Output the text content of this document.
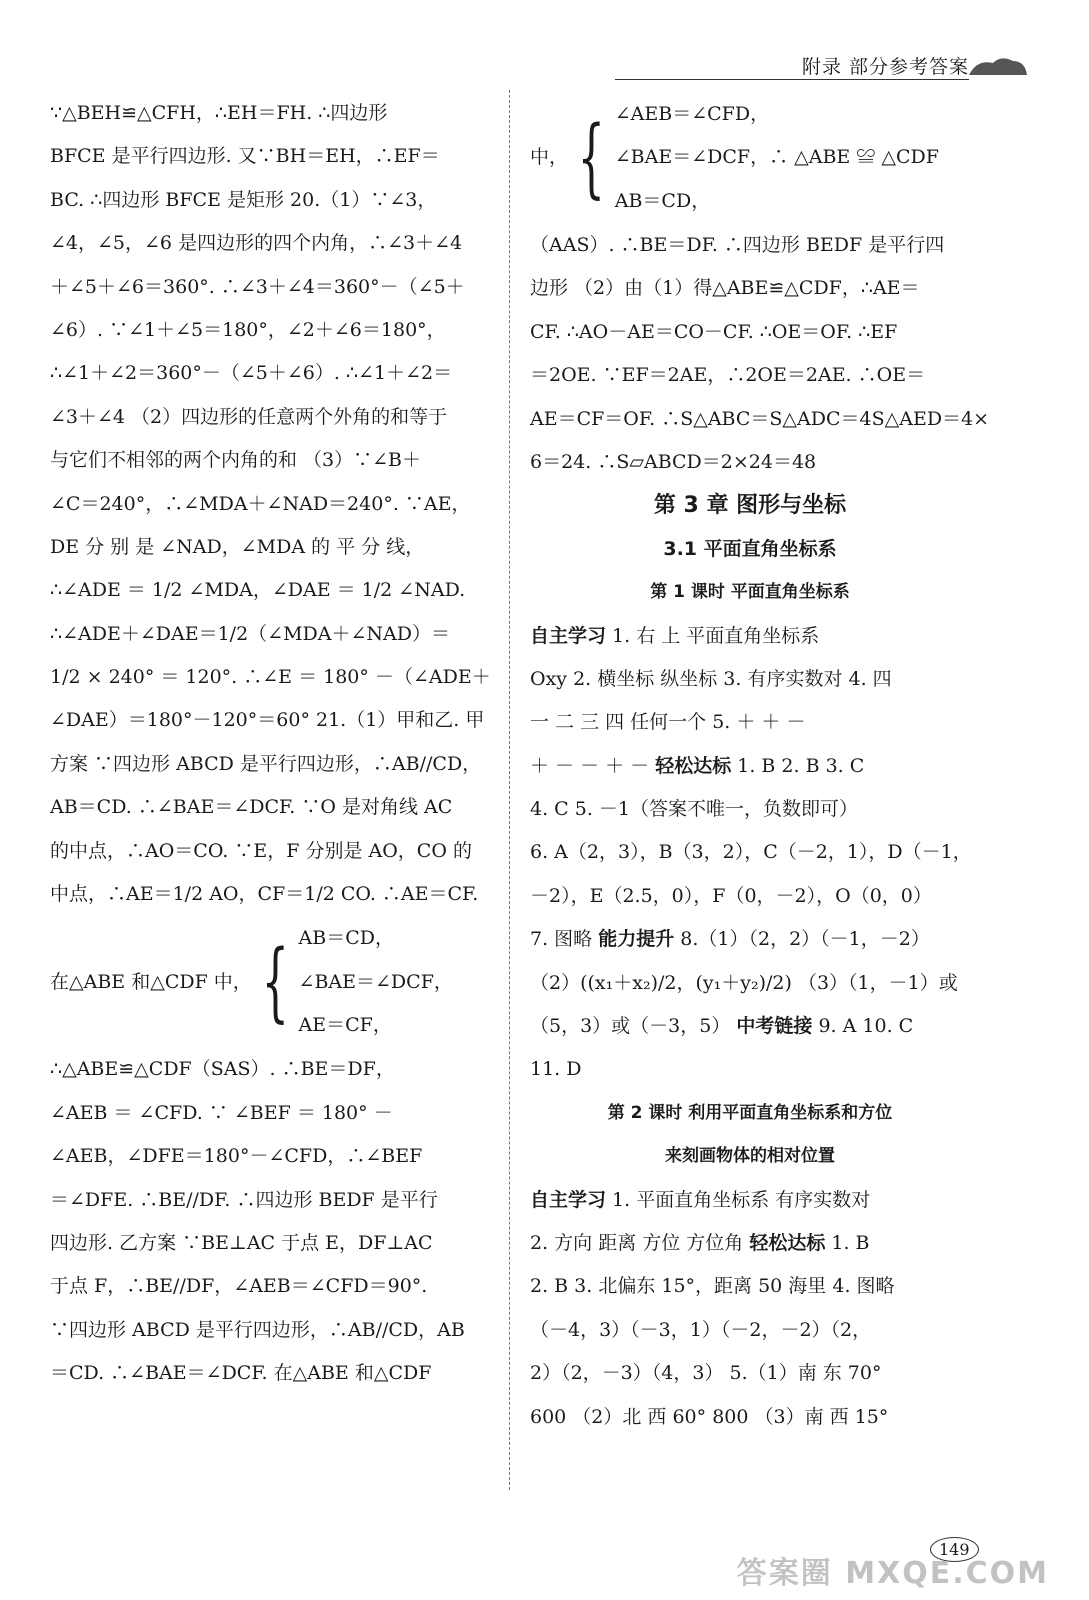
附录 部分参考答案
∵△BEH≌△CFH，∴EH＝FH. ∴四边形
BFCE 是平行四边形. 又∵BH＝EH，∴EF＝
BC. ∴四边形 BFCE 是矩形 20.（1）∵∠3，
∠4，∠5，∠6 是四边形的四个内角，∴∠3＋∠4
＋∠5＋∠6＝360°. ∴∠3＋∠4＝360°－（∠5＋
∠6）. ∵∠1＋∠5＝180°，∠2＋∠6＝180°，
∴∠1＋∠2＝360°－（∠5＋∠6）. ∴∠1＋∠2＝
∠3＋∠4 （2）四边形的任意两个外角的和等于
与它们不相邻的两个内角的和 （3）∵∠B＋
∠C＝240°，∴∠MDA＋∠NAD＝240°. ∵AE，
DE 分 别 是 ∠NAD，∠MDA 的 平 分 线，
∴∠ADE ＝ 1/2 ∠MDA，∠DAE ＝ 1/2 ∠NAD.
∴∠ADE＋∠DAE＝1/2（∠MDA＋∠NAD）＝
1/2 × 240° ＝ 120°. ∴∠E ＝ 180° －（∠ADE＋
∠DAE）＝180°－120°＝60° 21.（1）甲和乙. 甲
方案 ∵四边形 ABCD 是平行四边形，∴AB//CD，
AB＝CD. ∴∠BAE＝∠DCF. ∵O 是对角线 AC
的中点，∴AO＝CO. ∵E，F 分别是 AO，CO 的
中点，∴AE＝1/2 AO，CF＝1/2 CO. ∴AE＝CF.
在△ABE 和△CDF 中， { AB＝CD，
∠BAE＝∠DCF，
AE＝CF，
∴△ABE≌△CDF（SAS）. ∴BE＝DF，
∠AEB ＝ ∠CFD. ∵ ∠BEF ＝ 180° －
∠AEB，∠DFE＝180°－∠CFD，∴∠BEF
＝∠DFE. ∴BE//DF. ∴四边形 BEDF 是平行
四边形. 乙方案 ∵BE⊥AC 于点 E，DF⊥AC
于点 F，∴BE//DF，∠AEB＝∠CFD＝90°.
∵四边形 ABCD 是平行四边形，∴AB//CD，AB
＝CD. ∴∠BAE＝∠DCF. 在△ABE 和△CDF
中， { ∠AEB＝∠CFD，
∠BAE＝∠DCF，∴ △ABE ≌ △CDF
AB＝CD，
（AAS）. ∴BE＝DF. ∴四边形 BEDF 是平行四
边形 （2）由（1）得△ABE≌△CDF，∴AE＝
CF. ∴AO－AE＝CO－CF. ∴OE＝OF. ∴EF
＝2OE. ∵EF＝2AE，∴2OE＝2AE. ∴OE＝
AE＝CF＝OF. ∴S△ABC＝S△ADC＝4S△AED＝4×
6＝24. ∴S▱ABCD＝2×24＝48
第 3 章 图形与坐标
3.1 平面直角坐标系
第 1 课时 平面直角坐标系
自主学习 1. 右 上 平面直角坐标系
Oxy 2. 横坐标 纵坐标 3. 有序实数对 4. 四
一 二 三 四 任何一个 5. ＋ ＋ －
＋ － － ＋ － 轻松达标 1. B 2. B 3. C
4. C 5. －1（答案不唯一，负数即可）
6. A（2，3），B（3，2），C（－2，1），D（－1，
－2），E（2.5，0），F（0，－2），O（0，0）
7. 图略 能力提升 8.（1）（2，2）（－1，－2）
（2）((x₁＋x₂)/2，(y₁＋y₂)/2) （3）（1，－1）或
（5，3）或（－3，5） 中考链接 9. A 10. C
11. D
第 2 课时 利用平面直角坐标系和方位
来刻画物体的相对位置
自主学习 1. 平面直角坐标系 有序实数对
2. 方向 距离 方位 方位角 轻松达标 1. B
2. B 3. 北偏东 15°，距离 50 海里 4. 图略
（－4，3）（－3，1）（－2，－2）（2，
2）（2，－3）（4，3） 5.（1）南 东 70°
600 （2）北 西 60° 800 （3）南 西 15°
149
答案圈 MXQE.COM
